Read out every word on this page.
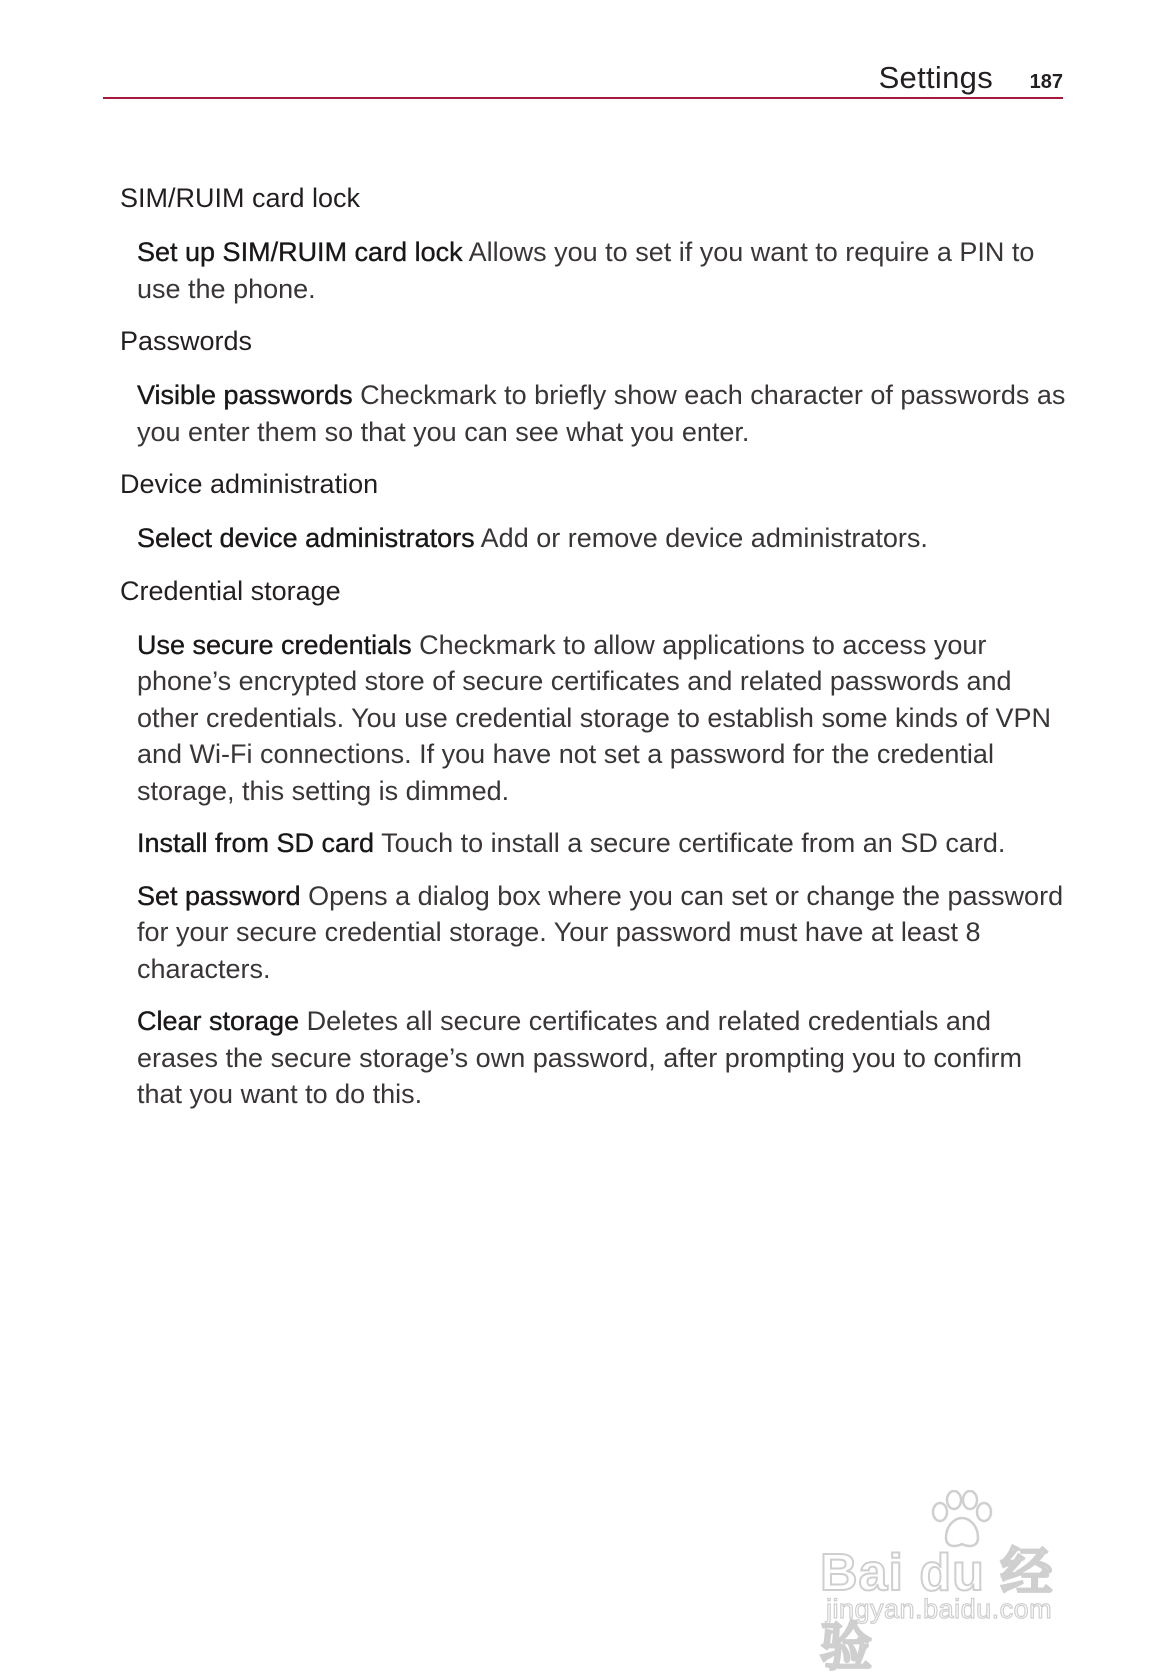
Settings 187
SIM/RUIM card lock

Set up SIM/RUIM card lock Allows you to set if you want to require a PIN to use the phone.

Passwords

Visible passwords Checkmark to briefly show each character of passwords as you enter them so that you can see what you enter.

Device administration

Select device administrators Add or remove device administrators.

Credential storage

Use secure credentials Checkmark to allow applications to access your phone’s encrypted store of secure certificates and related passwords and other credentials. You use credential storage to establish some kinds of VPN and Wi-Fi connections. If you have not set a password for the credential storage, this setting is dimmed.

Install from SD card Touch to install a secure certificate from an SD card.

Set password Opens a dialog box where you can set or change the password for your secure credential storage. Your password must have at least 8 characters.

Clear storage Deletes all secure certificates and related credentials and erases the secure storage’s own password, after prompting you to confirm that you want to do this.

Bai du 经验
jingyan.baidu.com
